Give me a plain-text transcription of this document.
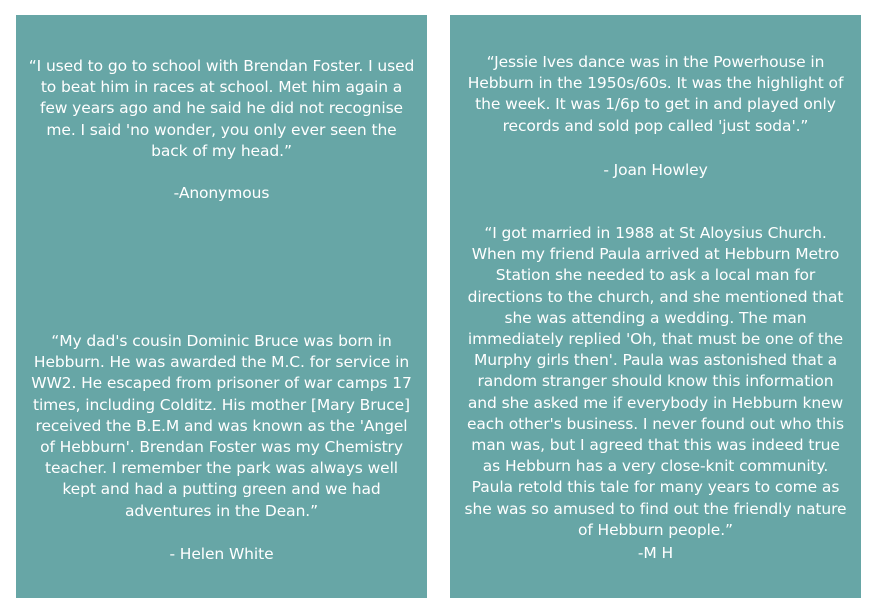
“I used to go to school with Brendan Foster. I used to beat him in races at school. Met him again a few years ago and he said he did not recognise me. I said 'no wonder, you only ever seen the back of my head.”

-Anonymous

“My dad's cousin Dominic Bruce was born in Hebburn. He was awarded the M.C. for service in WW2. He escaped from prisoner of war camps 17 times, including Colditz. His mother [Mary Bruce] received the B.E.M and was known as the 'Angel of Hebburn'. Brendan Foster was my Chemistry teacher. I remember the park was always well kept and had a putting green and we had adventures in the Dean.”

- Helen White

“Jessie Ives dance was in the Powerhouse in Hebburn in the 1950s/60s. It was the highlight of the week. It was 1/6p to get in and played only records and sold pop called 'just soda'.”

- Joan Howley

“I got married in 1988 at St Aloysius Church. When my friend Paula arrived at Hebburn Metro Station she needed to ask a local man for directions to the church, and she mentioned that she was attending a wedding. The man immediately replied 'Oh, that must be one of the Murphy girls then'. Paula was astonished that a random stranger should know this information and she asked me if everybody in Hebburn knew each other's business. I never found out who this man was, but I agreed that this was indeed true as Hebburn has a very close-knit community. Paula retold this tale for many years to come as she was so amused to find out the friendly nature of Hebburn people.”

-M H
